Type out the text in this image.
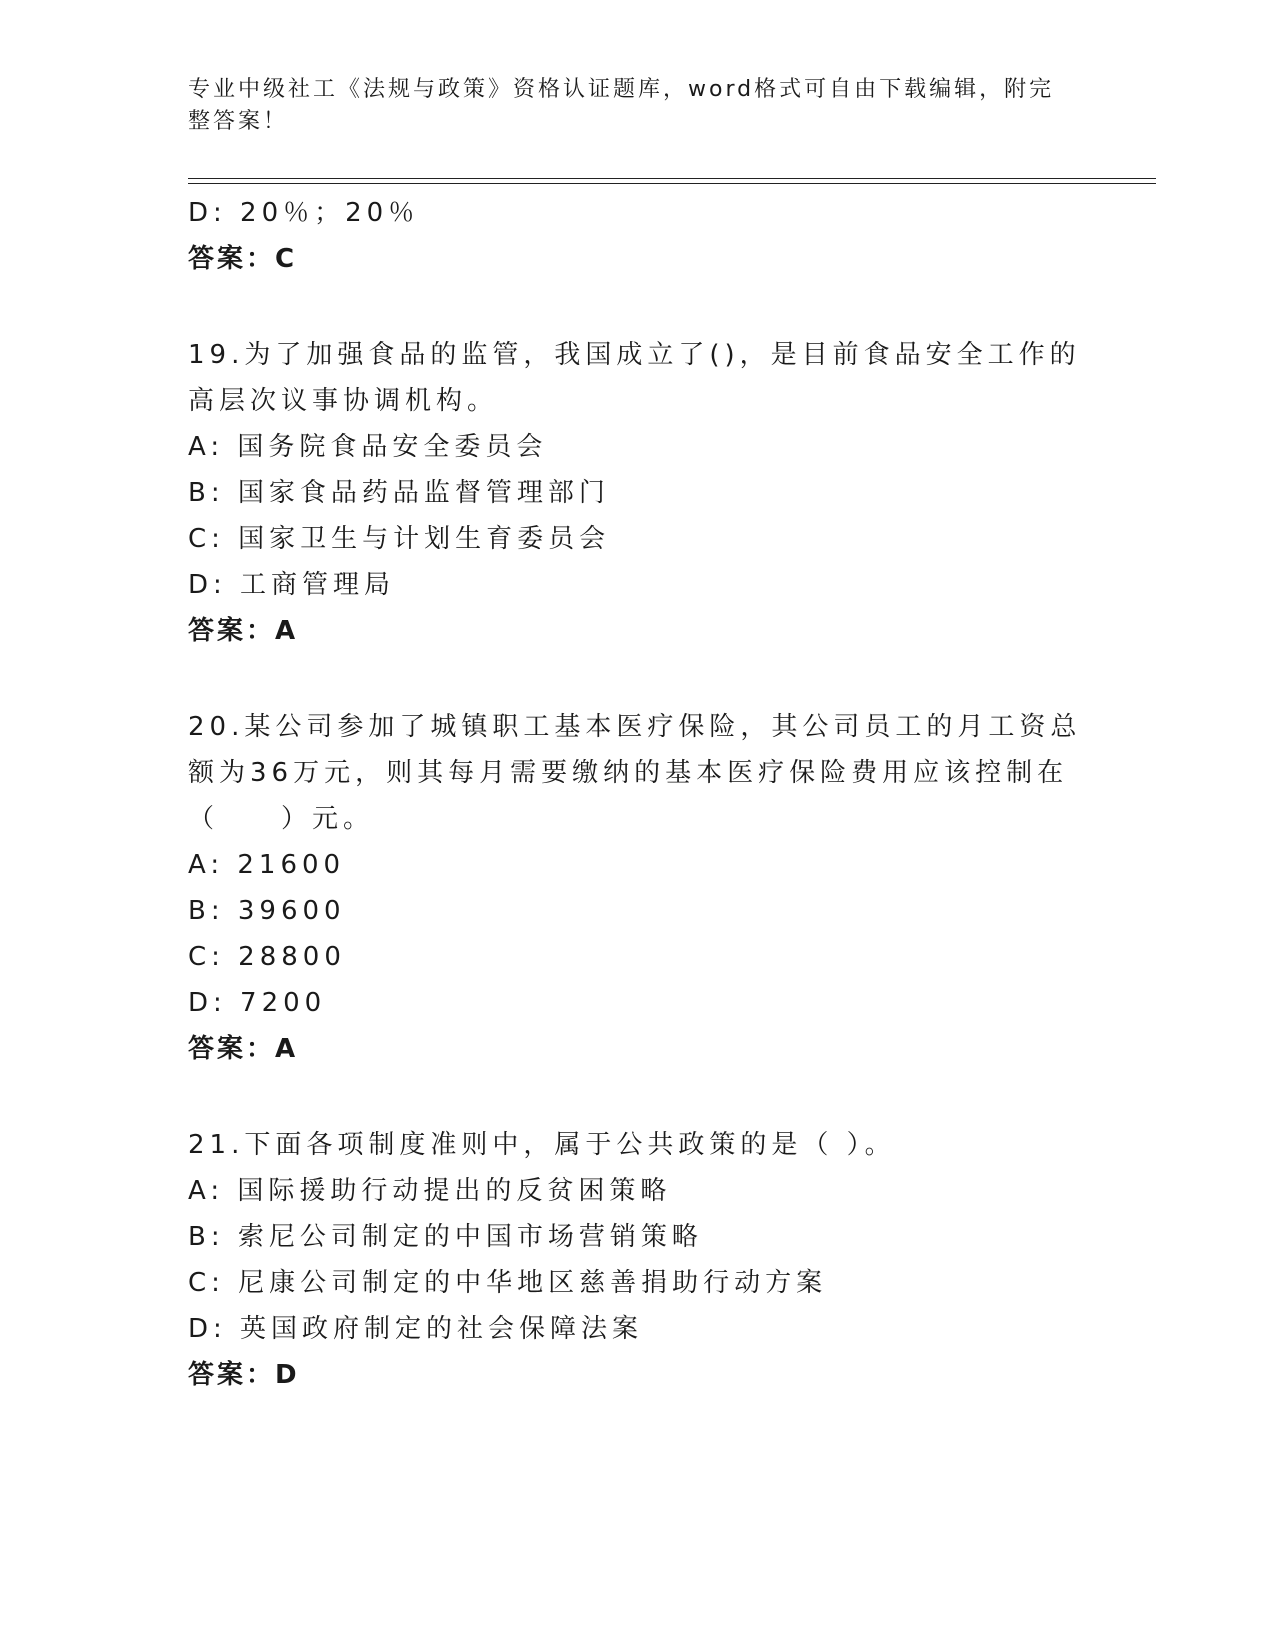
专业中级社工《法规与政策》资格认证题库，word格式可自由下载编辑，附完整答案！
D: 20％；20％
答案：C
19.为了加强食品的监管，我国成立了()，是目前食品安全工作的高层次议事协调机构。
A: 国务院食品安全委员会
B: 国家食品药品监督管理部门
C: 国家卫生与计划生育委员会
D: 工商管理局
答案：A
20.某公司参加了城镇职工基本医疗保险，其公司员工的月工资总额为36万元，则其每月需要缴纳的基本医疗保险费用应该控制在（　　）元。
A: 21600
B: 39600
C: 28800
D: 7200
答案：A
21.下面各项制度准则中，属于公共政策的是（ ）。
A: 国际援助行动提出的反贫困策略
B: 索尼公司制定的中国市场营销策略
C: 尼康公司制定的中华地区慈善捐助行动方案
D: 英国政府制定的社会保障法案
答案：D
